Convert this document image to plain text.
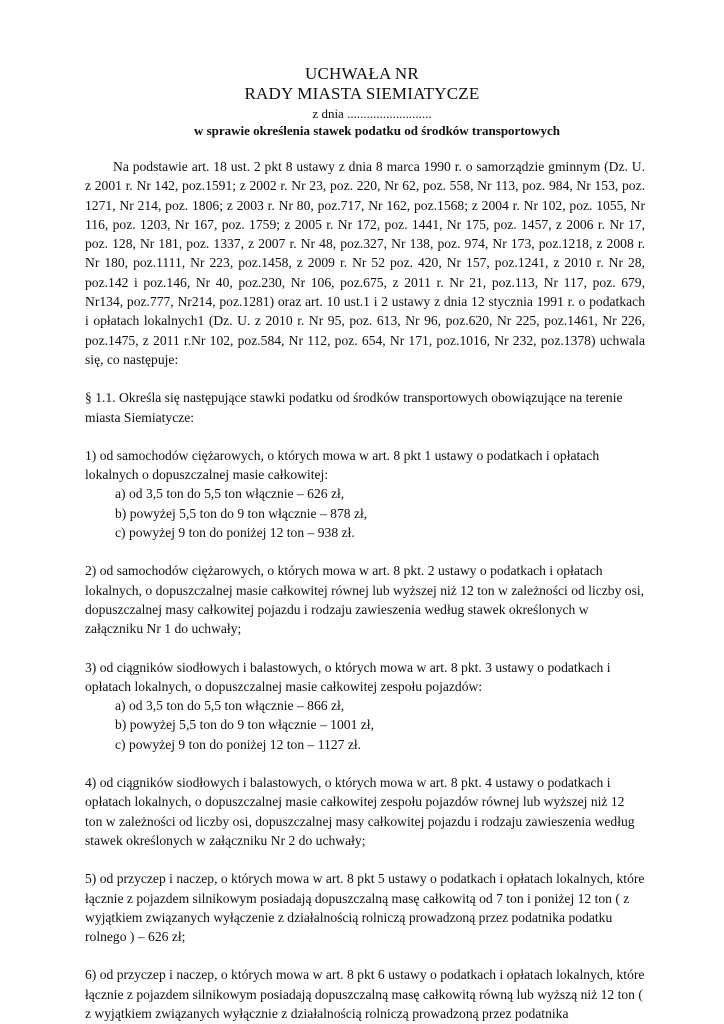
UCHWAŁA NR
RADY MIASTA SIEMIATYCZE
z dnia ..........................
w sprawie określenia stawek podatku od środków transportowych

Na podstawie art. 18 ust. 2 pkt 8 ustawy z dnia 8 marca 1990 r. o samorządzie gminnym (Dz. U. z 2001 r. Nr 142, poz.1591; z 2002 r. Nr 23, poz. 220, Nr 62, poz. 558, Nr 113, poz. 984, Nr 153, poz. 1271, Nr 214, poz. 1806; z 2003 r. Nr 80, poz.717, Nr 162, poz.1568; z 2004 r. Nr 102, poz. 1055, Nr 116, poz. 1203, Nr 167, poz. 1759; z 2005 r. Nr 172, poz. 1441, Nr 175, poz. 1457, z 2006 r. Nr 17, poz. 128, Nr 181, poz. 1337, z 2007 r. Nr 48, poz.327, Nr 138, poz. 974, Nr 173, poz.1218, z 2008 r. Nr 180, poz.1111, Nr 223, poz.1458, z 2009 r. Nr 52 poz. 420, Nr 157, poz.1241, z 2010 r. Nr 28, poz.142 i poz.146, Nr 40, poz.230, Nr 106, poz.675, z 2011 r. Nr 21, poz.113, Nr 117, poz. 679, Nr134, poz.777, Nr214, poz.1281) oraz art. 10 ust.1 i 2 ustawy z dnia 12 stycznia 1991 r. o podatkach i opłatach lokalnych1 (Dz. U. z 2010 r. Nr 95, poz. 613, Nr 96, poz.620, Nr 225, poz.1461, Nr 226, poz.1475, z 2011 r.Nr 102, poz.584, Nr 112, poz. 654, Nr 171, poz.1016, Nr 232, poz.1378) uchwala się, co następuje:

§ 1.1. Określa się następujące stawki podatku od środków transportowych obowiązujące na terenie miasta Siemiatycze:

1) od samochodów ciężarowych, o których mowa w art. 8 pkt 1 ustawy o podatkach i opłatach lokalnych o dopuszczalnej masie całkowitej:

a) od 3,5 ton do 5,5 ton włącznie – 626 zł,

b) powyżej 5,5 ton do 9 ton włącznie – 878 zł,

c) powyżej 9 ton do poniżej 12 ton – 938 zł.

2) od samochodów ciężarowych, o których mowa w art. 8 pkt. 2 ustawy o podatkach i opłatach lokalnych, o dopuszczalnej masie całkowitej równej lub wyższej niż 12 ton w zależności od liczby osi, dopuszczalnej masy całkowitej pojazdu i rodzaju zawieszenia według stawek określonych w załączniku Nr 1 do uchwały;

3) od ciągników siodłowych i balastowych, o których mowa w art. 8 pkt. 3 ustawy o podatkach i opłatach lokalnych, o dopuszczalnej masie całkowitej zespołu pojazdów:

a) od 3,5 ton do 5,5 ton włącznie – 866 zł,

b) powyżej 5,5 ton do 9 ton włącznie – 1001 zł,

c) powyżej 9 ton do poniżej 12 ton – 1127 zł.

4) od ciągników siodłowych i balastowych, o których mowa w art. 8 pkt. 4 ustawy o podatkach i opłatach lokalnych, o dopuszczalnej masie całkowitej zespołu pojazdów równej lub wyższej niż 12 ton w zależności od liczby osi, dopuszczalnej masy całkowitej pojazdu i rodzaju zawieszenia według stawek określonych w załączniku Nr 2 do uchwały;

5) od przyczep i naczep, o których mowa w art. 8 pkt 5 ustawy o podatkach i opłatach lokalnych, które łącznie z pojazdem silnikowym posiadają dopuszczalną masę całkowitą od 7 ton i poniżej 12 ton ( z wyjątkiem związanych wyłączenie z działalnością rolniczą prowadzoną przez podatnika podatku rolnego ) – 626 zł;

6) od przyczep i naczep, o których mowa w art. 8 pkt 6 ustawy o podatkach i opłatach lokalnych, które łącznie z pojazdem silnikowym posiadają dopuszczalną masę całkowitą równą lub wyższą niż 12 ton ( z wyjątkiem związanych wyłącznie z działalnością rolniczą prowadzoną przez podatnika
